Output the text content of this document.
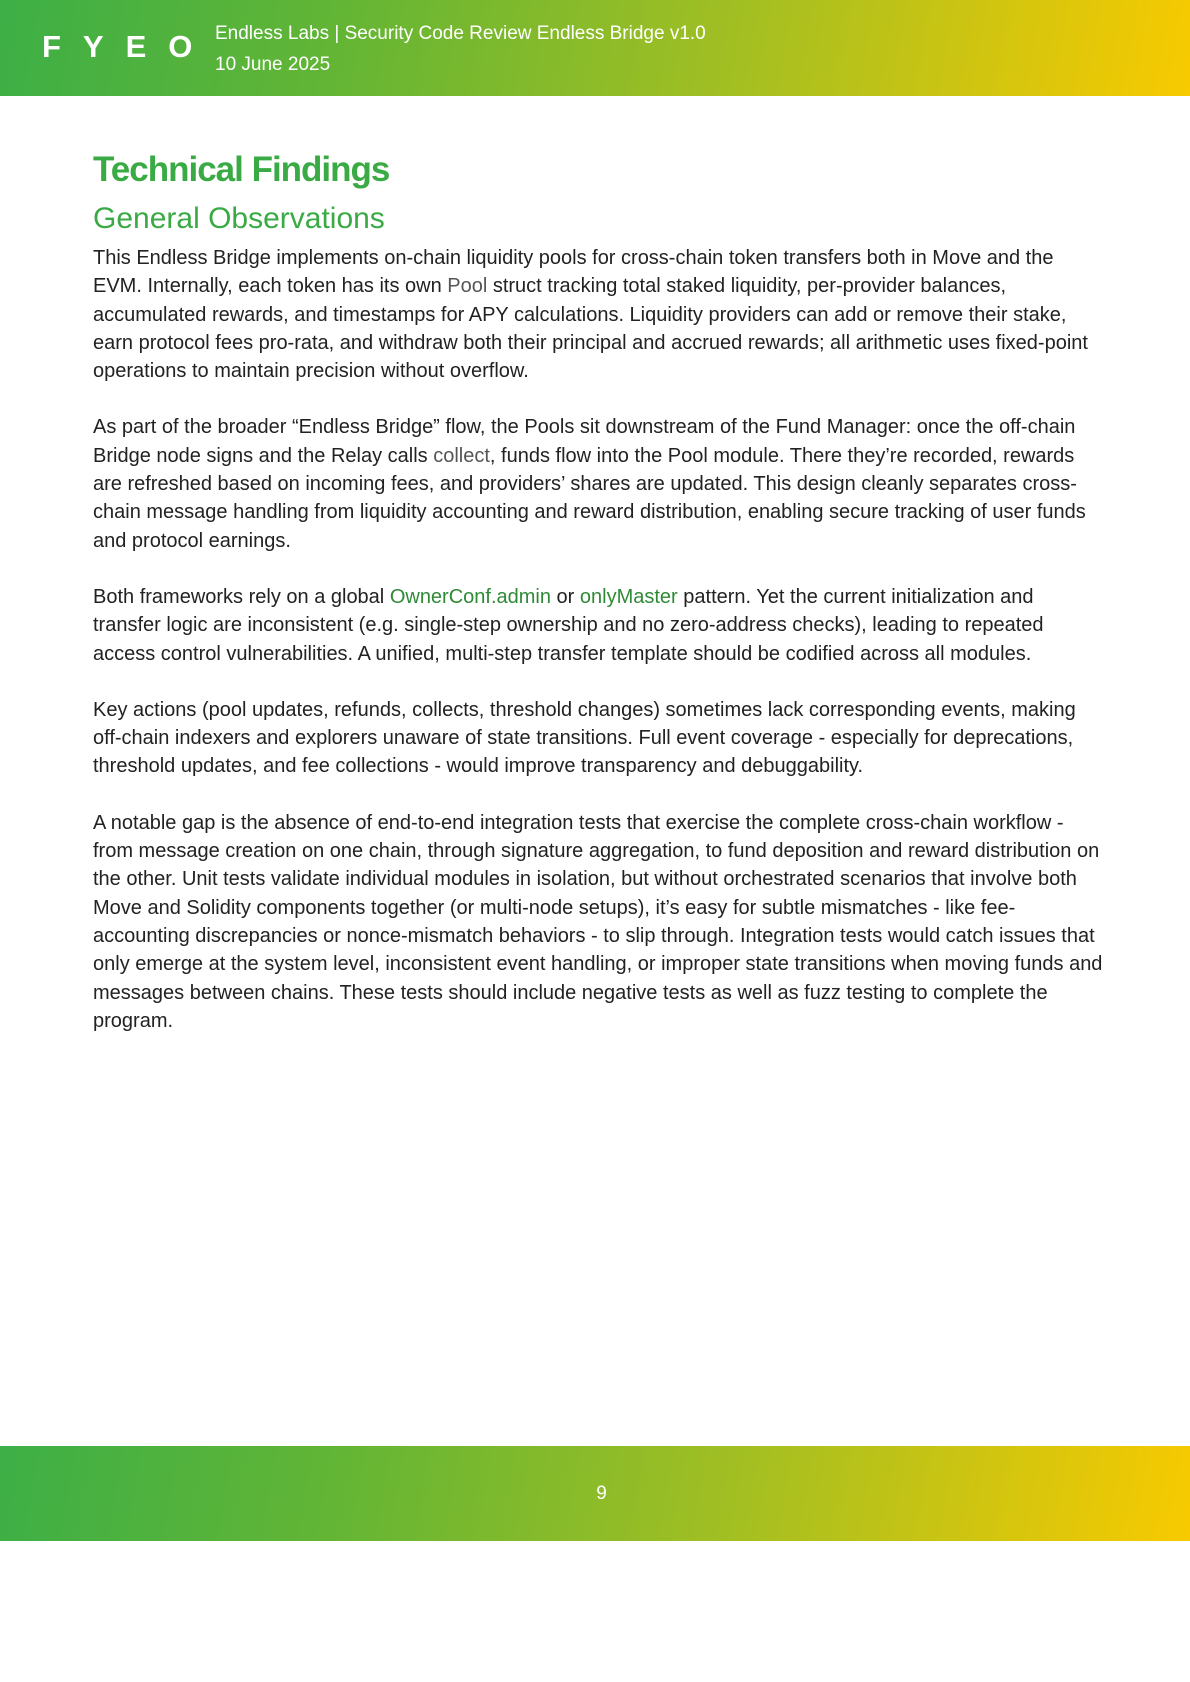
FYEO Endless Labs | Security Code Review Endless Bridge v1.0
10 June 2025
Technical Findings
General Observations

This Endless Bridge implements on-chain liquidity pools for cross-chain token transfers both in Move and the EVM. Internally, each token has its own Pool struct tracking total staked liquidity, per-provider balances, accumulated rewards, and timestamps for APY calculations. Liquidity providers can add or remove their stake, earn protocol fees pro-rata, and withdraw both their principal and accrued rewards; all arithmetic uses fixed-point operations to maintain precision without overflow.

As part of the broader “Endless Bridge” flow, the Pools sit downstream of the Fund Manager: once the off-chain Bridge node signs and the Relay calls collect, funds flow into the Pool module. There they’re recorded, rewards are refreshed based on incoming fees, and providers’ shares are updated. This design cleanly separates cross-chain message handling from liquidity accounting and reward distribution, enabling secure tracking of user funds and protocol earnings.

Both frameworks rely on a global OwnerConf.admin or onlyMaster pattern. Yet the current initialization and transfer logic are inconsistent (e.g. single-step ownership and no zero-address checks), leading to repeated access control vulnerabilities. A unified, multi-step transfer template should be codified across all modules.

Key actions (pool updates, refunds, collects, threshold changes) sometimes lack corresponding events, making off-chain indexers and explorers unaware of state transitions. Full event coverage - especially for deprecations, threshold updates, and fee collections - would improve transparency and debuggability.

A notable gap is the absence of end-to-end integration tests that exercise the complete cross-chain workflow - from message creation on one chain, through signature aggregation, to fund deposition and reward distribution on the other. Unit tests validate individual modules in isolation, but without orchestrated scenarios that involve both Move and Solidity components together (or multi-node setups), it’s easy for subtle mismatches - like fee-accounting discrepancies or nonce-mismatch behaviors - to slip through. Integration tests would catch issues that only emerge at the system level, inconsistent event handling, or improper state transitions when moving funds and messages between chains. These tests should include negative tests as well as fuzz testing to complete the program.

9
